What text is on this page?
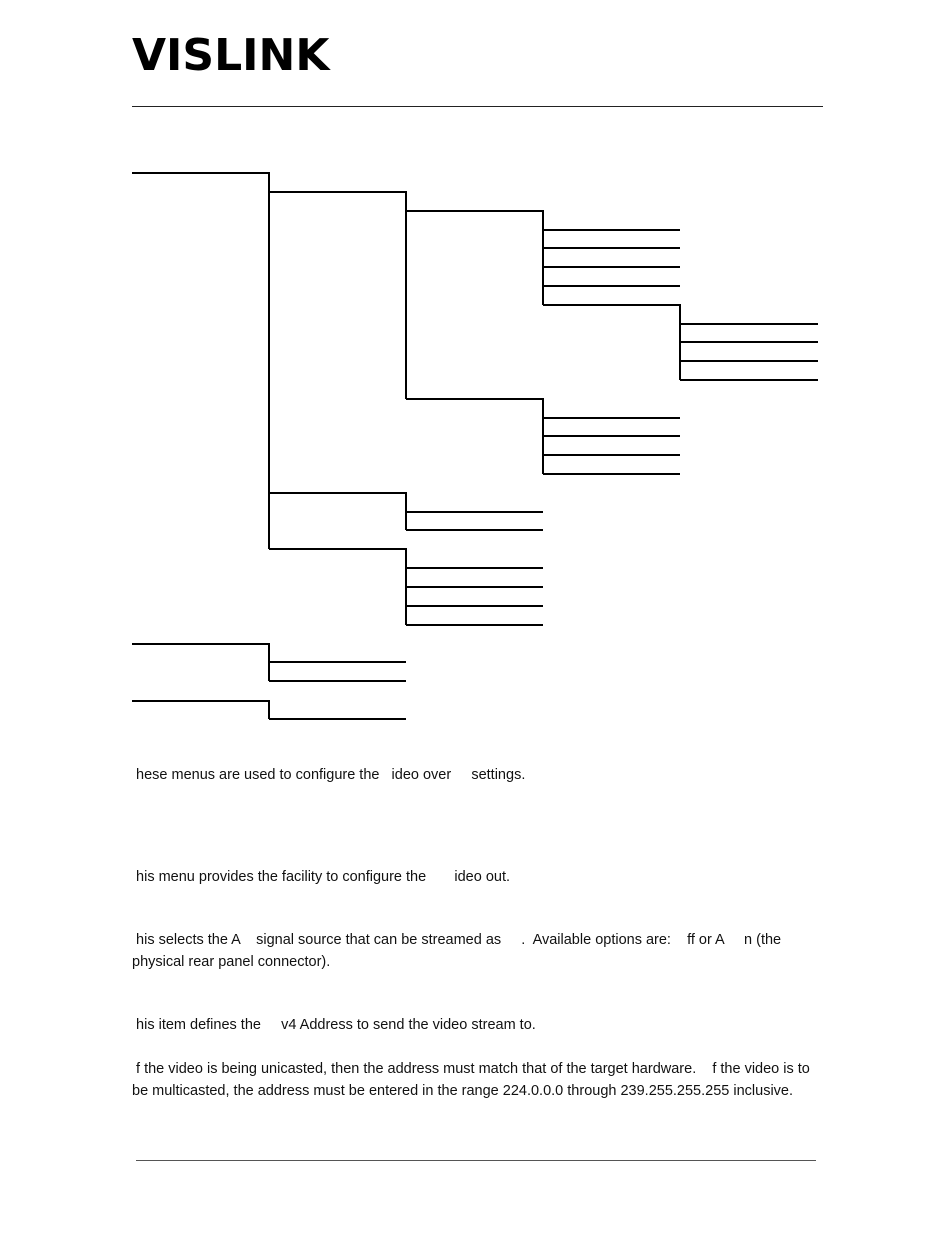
VISLINK

hese menus are used to configure the   ideo over     settings.

his menu provides the facility to configure the       ideo out.

his selects the A    signal source that can be streamed as     .  Available options are:    ff or A     n (the physical rear panel connector).

his item defines the     v4 Address to send the video stream to.

f the video is being unicasted, then the address must match that of the target hardware.    f the video is to be multicasted, the address must be entered in the range 224.0.0.0 through 239.255.255.255 inclusive.
